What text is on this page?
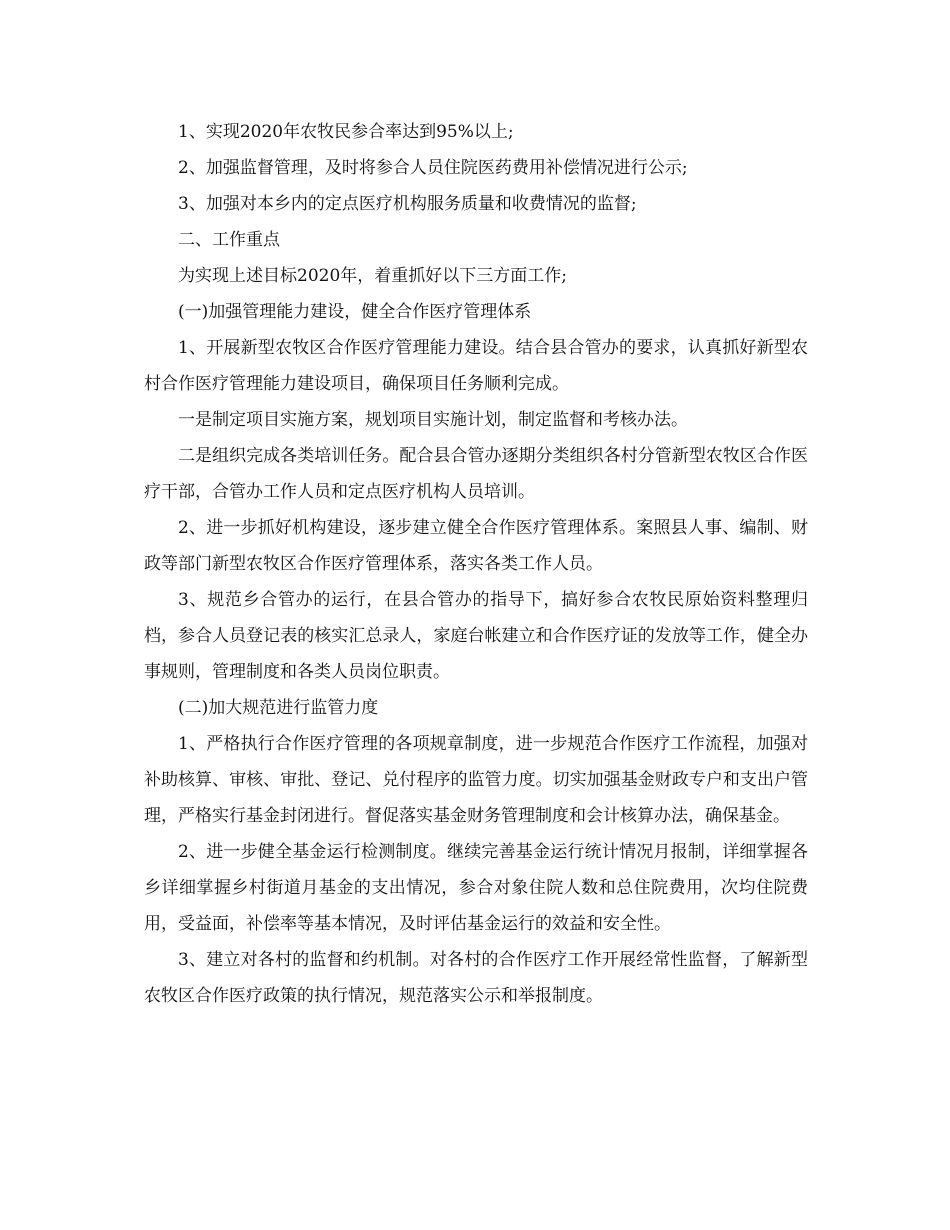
1、实现2020年农牧民参合率达到95%以上;

2、加强监督管理，及时将参合人员住院医药费用补偿情况进行公示;

3、加强对本乡内的定点医疗机构服务质量和收费情况的监督;

二、工作重点

为实现上述目标2020年，着重抓好以下三方面工作;

(一)加强管理能力建设，健全合作医疗管理体系

1、开展新型农牧区合作医疗管理能力建设。结合县合管办的要求，认真抓好新型农村合作医疗管理能力建设项目，确保项目任务顺利完成。

一是制定项目实施方案，规划项目实施计划，制定监督和考核办法。

二是组织完成各类培训任务。配合县合管办逐期分类组织各村分管新型农牧区合作医疗干部，合管办工作人员和定点医疗机构人员培训。

2、进一步抓好机构建设，逐步建立健全合作医疗管理体系。案照县人事、编制、财政等部门新型农牧区合作医疗管理体系，落实各类工作人员。

3、规范乡合管办的运行，在县合管办的指导下，搞好参合农牧民原始资料整理归档，参合人员登记表的核实汇总录人，家庭台帐建立和合作医疗证的发放等工作，健全办事规则，管理制度和各类人员岗位职责。

(二)加大规范进行监管力度

1、严格执行合作医疗管理的各项规章制度，进一步规范合作医疗工作流程，加强对补助核算、审核、审批、登记、兑付程序的监管力度。切实加强基金财政专户和支出户管理，严格实行基金封闭进行。督促落实基金财务管理制度和会计核算办法，确保基金。

2、进一步健全基金运行检测制度。继续完善基金运行统计情况月报制，详细掌握各乡详细掌握乡村街道月基金的支出情况，参合对象住院人数和总住院费用，次均住院费用，受益面，补偿率等基本情况，及时评估基金运行的效益和安全性。

3、建立对各村的监督和约机制。对各村的合作医疗工作开展经常性监督，了解新型农牧区合作医疗政策的执行情况，规范落实公示和举报制度。
